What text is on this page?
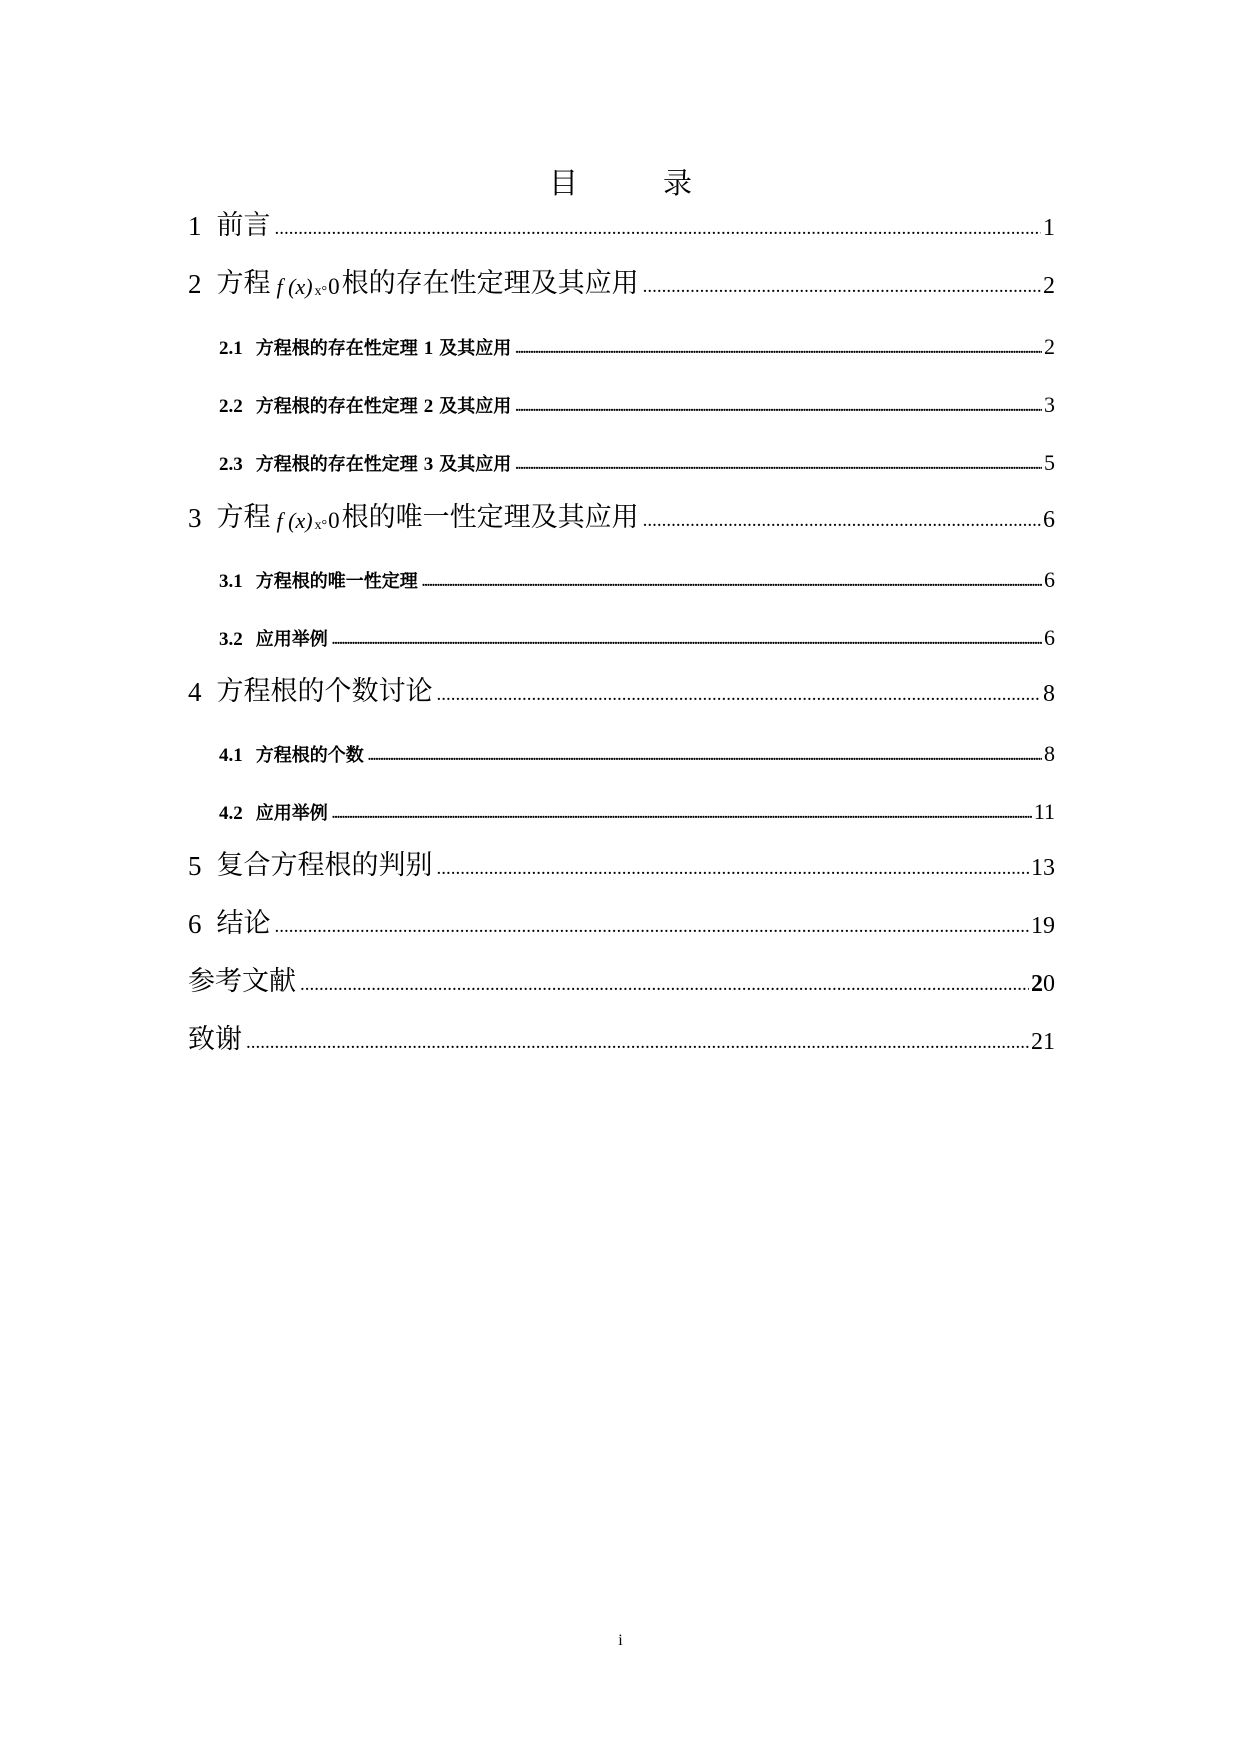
目　录
1 前言 .....	1
2 方程 f (x) x° 0 根的存在性定理及其应用 .....	2
2.1 方程根的存在性定理 1 及其应用 .....	2
2.2 方程根的存在性定理 2 及其应用 .....	3
2.3 方程根的存在性定理 3 及其应用 .....	5
3 方程 f (x) x° 0 根的唯一性定理及其应用 .....	6
3.1 方程根的唯一性定理 .....	6
3.2 应用举例 .....	6
4 方程根的个数讨论 .....	8
4.1 方程根的个数 .....	8
4.2 应用举例 .....	11
5 复合方程根的判别 .....	13
6 结论 .....	19
参考文献 .....	20
致谢 .....	21
i
